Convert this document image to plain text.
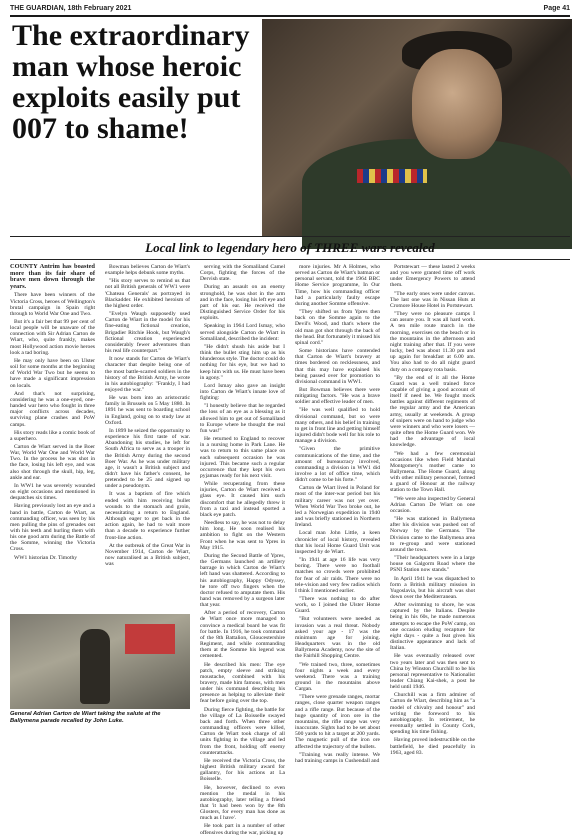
THE GUARDIAN, 18th February 2021	Page 41
The extraordinary man whose heroic exploits easily put 007 to shame!
Local link to legendary hero of THREE wars revealed

COUNTY Antrim has boasted more than its fair share of brave men down through the years.

There have been winners of the Victoria Cross, heroes of Wellington's brutal campaign in Spain right through to World War One and Two.

But it's a fair bet that 99 per cent of local people will be unaware of the connection with Sir Adrian Carton de Wiart, who, quite frankly, makes most Hollywood action movie heroes look a tad boring.

He may only have been on Ulster soil for some months at the beginning of World War Two but he seems to have made a significant impression on locals.

And that's not surprising, considering he was a one-eyed, one-handed war hero who fought in three major conflicts across decades, surviving plane crashes and PoW camps.

His story reads like a comic book of a superhero.

Carton de Wiart served in the Boer War, World War One and World War Two. In the process he was shot in the face, losing his left eye, and was also shot through the skull, hip, leg, ankle and ear.

In WW1 he was severely wounded on eight occasions and mentioned in despatches six times.

Having previously lost an eye and a hand in battle, Carton de Wiart, as commanding officer, was seen by his men pulling the pins of grenades out with his teeth and hurling them with his one good arm during the Battle of the Somme, winning the Victoria Cross.

WW1 historian Dr. Timothy

Bowman believes Carton de Wiart's example helps debunk some myths.

"His story serves to remind us that not all British generals of WW1 were 'Chateau Generals' as portrayed in Blackadder. He exhibited heroism of the highest order.

"Evelyn Waugh supposedly used Carton de Wiart in the model for his fine-eating fictional creation, Brigadier Ritchie Hook, but Waugh's fictional creation experienced considerably fewer adventures than his real life counterpart."

It now stands for Carton de Wiart's character that despite being one of the most battle-scarred soldiers in the history of the British Army, he wrote in his autobiography: "Frankly, I had enjoyed the war."

He was born into an aristocratic family in Brussels on 5 May 1880. In 1891 he was sent to boarding school in England, going on to study law at Oxford.

In 1899 he seized the opportunity to experience his first taste of war. Abandoning his studies, he left for South Africa to serve as a trooper in the British Army during the second Boer War. As he was under military age, it wasn't a British subject and didn't have his father's consent, he pretended to be 25 and signed up under a pseudonym.

It was a baptism of fire which ended with him receiving bullet wounds to the stomach and groin, necessitating a return to England. Although eager to get back in the action again, he had to wait more than a decade to experience further front-line action.

At the outbreak of the Great War in November 1914, Carton de Wiart, now naturalised as a British subject, was

serving with the Somaliland Camel Corps, fighting the forces of the Dervish state.

During an assault on an enemy stronghold, he was shot in the arm and in the face, losing his left eye and part of his ear. He received the Distinguished Service Order for his exploits.

Speaking in 1964 Lord Ismay, who served alongside Carton de Wiart in Somaliland, described the incident:

"He didn't shush his aside but I think the bullet sting him up as his blunderous style. The doctor could do nothing for his eye, but we had to keep him with us. He must have been in agony."

Lord Ismay also gave an insight into Carton de Wiart's innate love of fighting:

"I honestly believe that he regarded the loss of an eye as a blessing as it allowed him to get out of Somaliland to Europe where he thought the real fun was!"

He returned to England to recover in a nursing home in Park Lane. He was to return to this same place on each subsequent occasion he was injured. This became such a regular occurrence that they kept his own pyjamas ready for his next visit.

While recuperating from these injuries, Carton de Wiart received a glass eye. It caused him such discomfort that he allegedly threw it from a taxi and instead sported a black eye patch.

Needless to say, he was not to delay him long. He soon realised his ambition to fight on the Western Front when he was sent to Ypres in May 1915.

During the Second Battle of Ypres, the Germans launched an artillery barrage in which Carton de Wiart's left hand was shattered. According to his autobiography, Happy Odyssey, he tore off two fingers when the doctor refused to amputate them. His hand was removed by a surgeon later that year.

After a period of recovery, Carton de Wiart once more managed to convince a medical board he was fit for battle. In 1916, he took command of the 8th Battalion, Gloucestershire Regiment, and while commanding them at the Somme his legend was cemented.

He described his men: The eye patch, empty sleeve and striking moustache, combined with his bravery, made him famous, with men under his command describing his presence as helping to alleviate their fear before going over the top.

During fierce fighting, the battle for the village of La Boisselle swayed back and forth. When three other commanding officers were killed, Carton de Wiart took charge of all units fighting in the village and led from the front, holding off enemy counterattacks.

He received the Victoria Cross, the highest British military award for gallantry, for his actions at La Boisselle.

He, however, declined to even mention the medal in his autobiography, later telling a friend that 'it had been won by the 8th Glosters, for every man has done as much as I have'.

He took part in a number of other offensives during the war, picking up

more injuries. Mr A Holmes, who served as Carton de Wiart's batman or personal servant, told the 1964 BBC Home Service programme, In Our Time, how his commanding officer had a particularly faulty escape during another Somme offensive.

"They shifted us from Ypres then back on the Somme again to the Devil's Wood, and that's where the old man got shot through the back of the head. But fortunately it missed his spinal cord."

Some historians have contended that Carton de Wiart's bravery at times bordered on recklessness, and that this may have explained his being passed over for promotion to divisional command in WW1.

But Bowman believes there were mitigating factors. "He was a brave soldier and effective leader of men.

"He was well qualified to hold divisional command, but so were many others, and his belief in training to get in front line and getting himself injured didn't bode well for his role to manage a division.

"Given the primitive communications of the time, and the amount of bureaucracy involved, commanding a division in WW1 did involve a lot of office time, which didn't come to be his forte."

Carton de Wiart lived in Poland for most of the inter-war period but his military career was not yet over. When World War Two broke out, he led a Norwegian expedition in 1940 and was briefly stationed in Northern Ireland.

Local man John Little, a keen chronicler of local history, revealed that his local Home Guard Unit was inspected by de Wiart.

"In 1941 at age 16 life was very boring. There were no football matches so crowds were prohibited for fear of air raids. There were no tele-vision and very few radios which I think I mentioned earlier.

"There was nothing to do after work, so I joined the Ulster Home Guard.

"But volunteers were needed as invasion was a real threat. Nobody asked your age - 17 was the minimum age for joining. Headquarters was in the old Ballymena Academy, now the site of the Fairhill Shopping Centre.

"We trained two, three, sometimes four nights a week and every weekend. There was a training ground in the mountains above Cargan.

"There were grenade ranges, mortar ranges, close quarter weapon ranges and a rifle range. But because of the huge quantity of iron ore in the mountains, the rifle range was very inaccurate. Sights had to be set about 500 yards to hit a target at 200 yards. The magnetic pull of the iron ore affected the trajectory of the bullets.

"Training was really intense. We had training camps in Cushendall and

Portstewart — these lasted 2 weeks and you were granted time off work under Emergency Powers to attend them.

"The early ones were under canvas. The last one was in Nissan Huts at Cromore House Hotel in Portstewart.

"They were no pleasure camps I can assure you. It was all hard work. A ten mile route march in the morning, exercises on the beach or in the mountains in the afternoon and night training after that. If you were lucky, bed was about 11.30 pm and up again for breakfast at 6.00 am. You also had to do all night guard duty on a company rota basis.

"By the end of it all the Home Guard was a well trained force capable of giving a good account of itself if need be. We fought mock battles against different regiments of the regular army and the American army, usually at weekends. A group of snipers were on hand to judge who were winners and who were losers — quite often the Home Guard won. We had the advantage of local knowledge.

"We had a few ceremonial occasions like when Field Marshal Montgomery's mother came to Ballymena. The Home Guard, along with other military personnel, formed a guard of Honour at the railway station to the Town Hall.

"We were also inspected by General Adrian Carton De Wiart on one occasion.

"He was stationed in Ballymena after his division was pushed out of Norway by the Germans. The Division came to the Ballymena area to re-group and were stationed around the town.

"Their headquarters were in a large house on Galgorm Road where the PSNI Station now stands."

In April 1941 he was dispatched to form a British military mission in Yugoslavia, but his aircraft was shot down over the Mediterranean.

After swimming to shore, he was captured by the Italians. Despite being in his 60s, he made numerous attempts to escape the PoW camp, on one occasion eluding recapture for eight days - quite a feat given his distinctive appearance and lack of Italian.

He was eventually released over two years later and was then sent to China by Winston Churchill to be his personal representative to Nationalist leader Chiang Kai-shek, a post he held until 1946.

Churchill was a firm admirer of Carton de Wiart, describing him as "a model of chivalry and honour" and writing the foreword to his autobiography. In retirement, he eventually settled in County Cork, spending his time fishing.

Having proved indestructible on the battlefield, he died peacefully in 1963, aged 83.

General Adrian Carton de Wiart taking the salute at the Ballymena parade recalled by John Luke.
